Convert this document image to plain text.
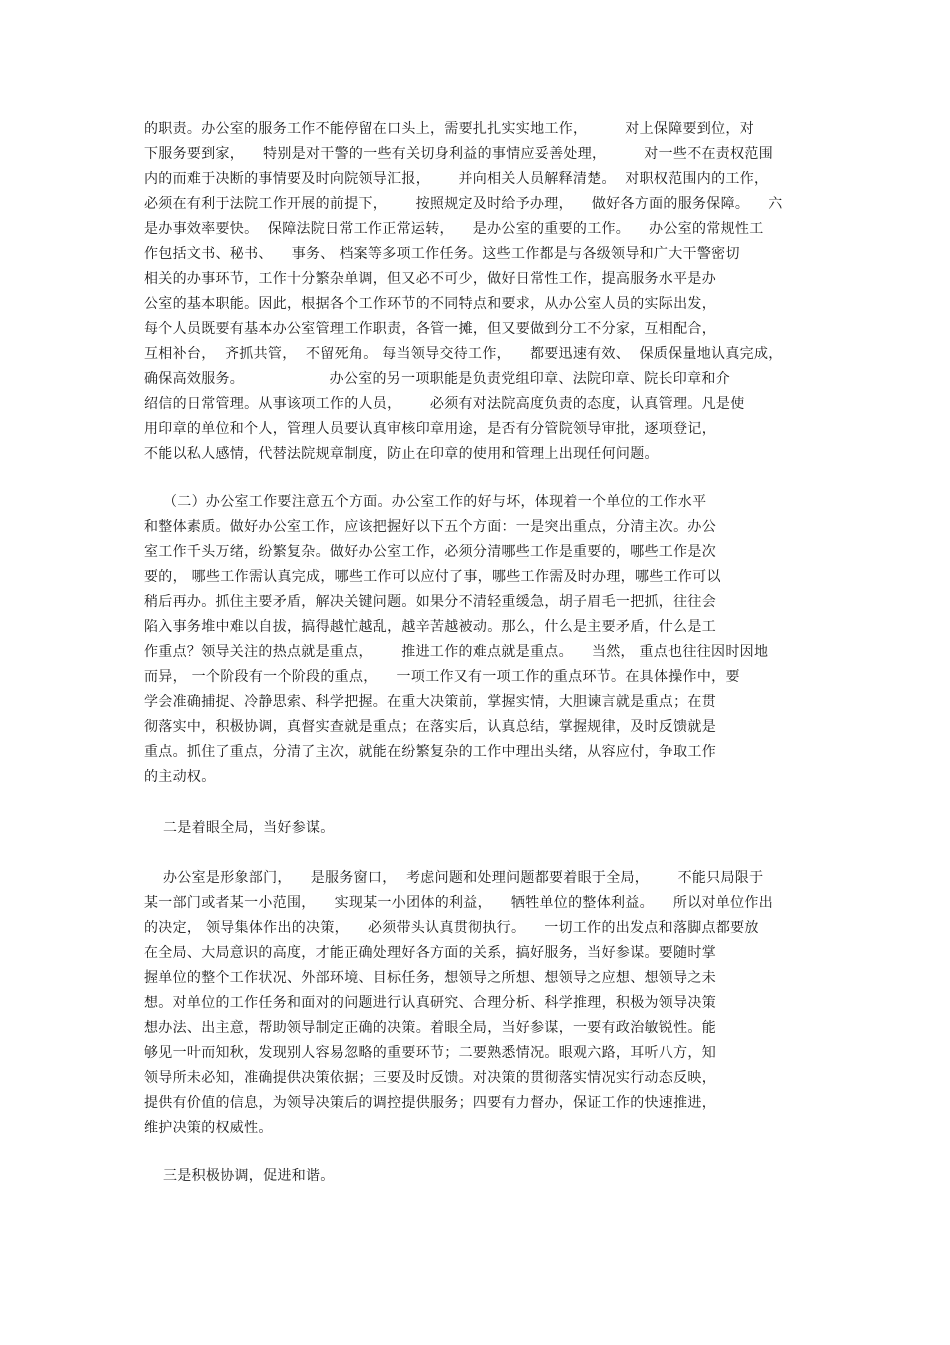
的职责。办公室的服务工作不能停留在口头上，需要扎扎实实地工作，        对上保障要到位，对
下服务要到家，    特别是对干警的一些有关切身利益的事情应妥善处理，        对一些不在责权范围
内的而难于决断的事情要及时向院领导汇报，      并向相关人员解释清楚。  对职权范围内的工作，
必须在有利于法院工作开展的前提下，      按照规定及时给予办理，    做好各方面的服务保障。    六
是办事效率要快。  保障法院日常工作正常运转，    是办公室的重要的工作。    办公室的常规性工
作包括文书、秘书、    事务、 档案等多项工作任务。这些工作都是与各级领导和广大干警密切
相关的办事环节，工作十分繁杂单调，但又必不可少，做好日常性工作，提高服务水平是办
公室的基本职能。因此，根据各个工作环节的不同特点和要求，从办公室人员的实际出发，
每个人员既要有基本办公室管理工作职责，各管一摊，但又要做到分工不分家，互相配合，
互相补台，  齐抓共管，  不留死角。 每当领导交待工作，    都要迅速有效、  保质保量地认真完成，
确保高效服务。                  办公室的另一项职能是负责党组印章、法院印章、院长印章和介
绍信的日常管理。从事该项工作的人员，      必须有对法院高度负责的态度，认真管理。凡是使
用印章的单位和个人，管理人员要认真审核印章用途，是否有分管院领导审批，逐项登记，
不能以私人感情，代替法院规章制度，防止在印章的使用和管理上出现任何问题。
（二）办公室工作要注意五个方面。办公室工作的好与坏，体现着一个单位的工作水平
和整体素质。做好办公室工作，应该把握好以下五个方面：一是突出重点，分清主次。办公
室工作千头万绪，纷繁复杂。做好办公室工作，必须分清哪些工作是重要的，哪些工作是次
要的， 哪些工作需认真完成，哪些工作可以应付了事，哪些工作需及时办理，哪些工作可以
稍后再办。抓住主要矛盾，解决关键问题。如果分不清轻重缓急，胡子眉毛一把抓，往往会
陷入事务堆中难以自拔，搞得越忙越乱，越辛苦越被动。那么，什么是主要矛盾，什么是工
作重点？领导关注的热点就是重点，      推进工作的难点就是重点。    当然， 重点也往往因时因地
而异， 一个阶段有一个阶段的重点，    一项工作又有一项工作的重点环节。在具体操作中，要
学会准确捕捉、冷静思索、科学把握。在重大决策前，掌握实情，大胆谏言就是重点；在贯
彻落实中，积极协调，真督实查就是重点；在落实后，认真总结，掌握规律，及时反馈就是
重点。抓住了重点，分清了主次，就能在纷繁复杂的工作中理出头绪，从容应付，争取工作
的主动权。
二是着眼全局，当好参谋。
办公室是形象部门，    是服务窗口，  考虑问题和处理问题都要着眼于全局，      不能只局限于
某一部门或者某一小范围，    实现某一小团体的利益，    牺牲单位的整体利益。    所以对单位作出
的决定， 领导集体作出的决策，    必须带头认真贯彻执行。    一切工作的出发点和落脚点都要放
在全局、大局意识的高度，才能正确处理好各方面的关系，搞好服务，当好参谋。要随时掌
握单位的整个工作状况、外部环境、目标任务，想领导之所想、想领导之应想、想领导之未
想。对单位的工作任务和面对的问题进行认真研究、合理分析、科学推理，积极为领导决策
想办法、出主意，帮助领导制定正确的决策。着眼全局，当好参谋，一要有政治敏锐性。能
够见一叶而知秋，发现别人容易忽略的重要环节；二要熟悉情况。眼观六路，耳听八方，知
领导所未必知，准确提供决策依据；三要及时反馈。对决策的贯彻落实情况实行动态反映，
提供有价值的信息，为领导决策后的调控提供服务；四要有力督办，保证工作的快速推进，
维护决策的权威性。
三是积极协调，促进和谐。
